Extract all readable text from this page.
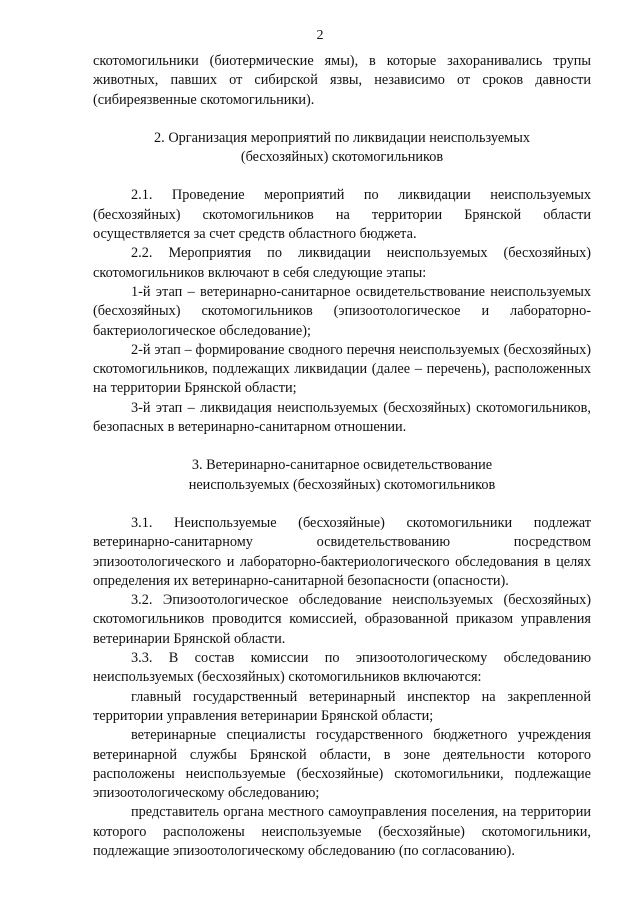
2

скотомогильники (биотермические ямы), в которые захоранивались трупы животных, павших от сибирской язвы, независимо от сроков давности (сибиреязвенные скотомогильники).

2. Организация мероприятий по ликвидации неиспользуемых

(бесхозяйных) скотомогильников

2.1. Проведение мероприятий по ликвидации неиспользуемых (бесхозяйных) скотомогильников на территории Брянской области осуществляется за счет средств областного бюджета.

2.2. Мероприятия по ликвидации неиспользуемых (бесхозяйных) скотомогильников включают в себя следующие этапы:

1-й этап – ветеринарно-санитарное освидетельствование неиспользуемых (бесхозяйных) скотомогильников (эпизоотологическое и лабораторно-бактериологическое обследование);

2-й этап – формирование сводного перечня неиспользуемых (бесхозяйных) скотомогильников, подлежащих ликвидации (далее – перечень), расположенных на территории Брянской области;

3-й этап – ликвидация неиспользуемых (бесхозяйных) скотомогильников, безопасных в ветеринарно-санитарном отношении.

3. Ветеринарно-санитарное освидетельствование

неиспользуемых (бесхозяйных) скотомогильников

3.1. Неиспользуемые (бесхозяйные) скотомогильники подлежат ветеринарно-санитарному освидетельствованию посредством эпизоотологического и лабораторно-бактериологического обследования в целях определения их ветеринарно-санитарной безопасности (опасности).

3.2. Эпизоотологическое обследование неиспользуемых (бесхозяйных) скотомогильников проводится комиссией, образованной приказом управления ветеринарии Брянской области.

3.3. В состав комиссии по эпизоотологическому обследованию неиспользуемых (бесхозяйных) скотомогильников включаются:

главный государственный ветеринарный инспектор на закрепленной территории управления ветеринарии Брянской области;

ветеринарные специалисты государственного бюджетного учреждения ветеринарной службы Брянской области, в зоне деятельности которого расположены неиспользуемые (бесхозяйные) скотомогильники, подлежащие эпизоотологическому обследованию;

представитель органа местного самоуправления поселения, на территории которого расположены неиспользуемые (бесхозяйные) скотомогильники, подлежащие эпизоотологическому обследованию (по согласованию).
